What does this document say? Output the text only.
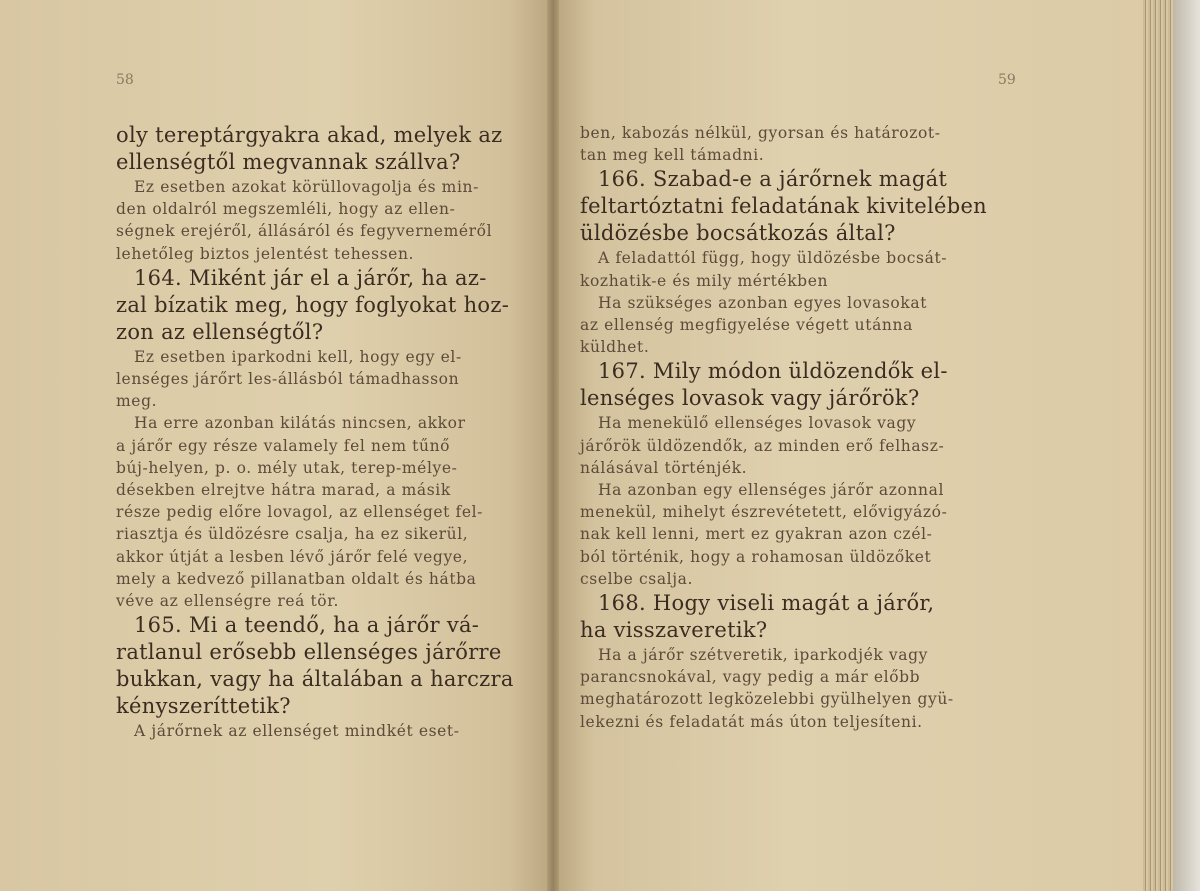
58
oly tereptárgyakra akad, melyek az
ellenségtől megvannak szállva?
Ez esetben azokat körüllovagolja és min-
den oldalról megszemléli, hogy az ellen-
ségnek erejéről, állásáról és fegyverneméről
lehetőleg biztos jelentést tehessen.
164. Miként jár el a járőr, ha az-
zal bízatik meg, hogy foglyokat hoz-
zon az ellenségtől?
Ez esetben iparkodni kell, hogy egy el-
lenséges járőrt les-állásból támadhasson
meg.
Ha erre azonban kilátás nincsen, akkor
a járőr egy része valamely fel nem tűnő
búj-helyen, p. o. mély utak, terep-mélye-
désekben elrejtve hátra marad, a másik
része pedig előre lovagol, az ellenséget fel-
riasztja és üldözésre csalja, ha ez sikerül,
akkor útját a lesben lévő járőr felé vegye,
mely a kedvező pillanatban oldalt és hátba
véve az ellenségre reá tör.
165. Mi a teendő, ha a járőr vá-
ratlanul erősebb ellenséges járőrre
bukkan, vagy ha általában a harczra
kényszeríttetik?
A járőrnek az ellenséget mindkét eset-
59
ben, kabozás nélkül, gyorsan és határozot-
tan meg kell támadni.
166. Szabad-e a járőrnek magát
feltartóztatni feladatának kivitelében
üldözésbe bocsátkozás által?
A feladattól függ, hogy üldözésbe bocsát-
kozhatik-e és mily mértékben
Ha szükséges azonban egyes lovasokat
az ellenség megfigyelése végett utánna
küldhet.
167. Mily módon üldözendők el-
lenséges lovasok vagy járőrök?
Ha menekülő ellenséges lovasok vagy
járőrök üldözendők, az minden erő felhasz-
nálásával történjék.
Ha azonban egy ellenséges járőr azonnal
menekül, mihelyt észrevétetett, elővigyázó-
nak kell lenni, mert ez gyakran azon czél-
ból történik, hogy a rohamosan üldözőket
cselbe csalja.
168. Hogy viseli magát a járőr,
ha visszaveretik?
Ha a járőr szétveretik, iparkodjék vagy
parancsnokával, vagy pedig a már előbb
meghatározott legközelebbi gyülhelyen gyü-
lekezni és feladatát más úton teljesíteni.
